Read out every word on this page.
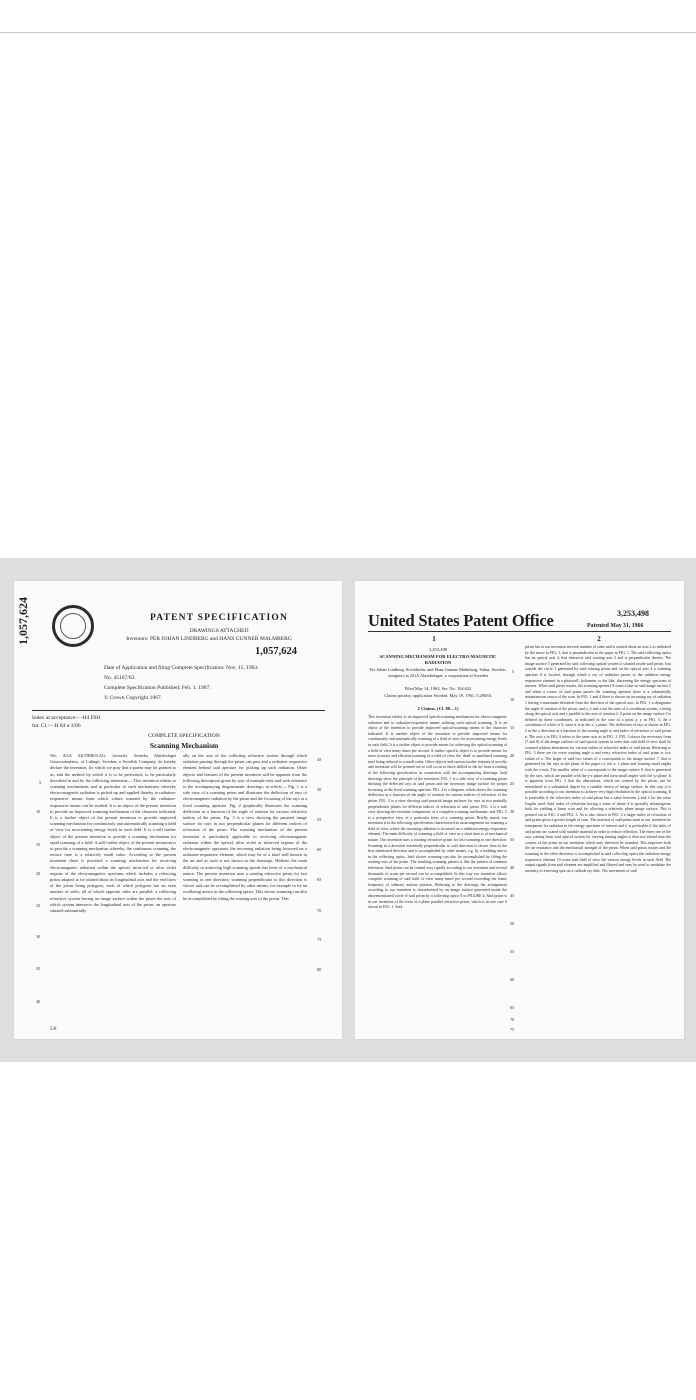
PATENT SPECIFICATION
DRAWINGS ATTACHED
Inventors: PER JOHAN LINDBERG and HANS GUNNER MALMBERG
1,057,624
1,057,624
Date of Application and filing Complete Specification: Nov. 15, 1963.
No. 45167/63.
Complete Specification Published: Feb. 1, 1967.
© Crown Copyright 1967.
Index at acceptance:—H4 F6H
Int. Cl.:—H 04 n 3/06
COMPLETE SPECIFICATION
Scanning Mechanism
We, AGA AKTIEBOLAG, formerly Svenska Aktiebolaget Gasaccumulator, of Lidingö, Sweden, a Swedish Company, do hereby declare the invention, for which we pray that a patent may be granted to us, and the method by which it is to be performed, to be particularly described in and by the following statement:— This invention relates to scanning mechanisms and in particular to such mechanisms whereby electro-magnetic radiation is picked-up and applied thereby to radiation-responsive means from which values scanned by the radiation-responsive means can be studied. It is an object of the present invention to provide an improved scanning mechanism of the character indicated. It is a further object of the present invention to provide improved scanning mechanism for continuously and automatically scanning a field of view for ascertaining energy levels in such field. It is a still further object of the present invention to provide a scanning mechanism for rapid scanning of a field. A still further object of the present invention is to provide a scanning mechanism whereby, the continuous scanning, the retrace time is a relatively small value. According to the present invention there is provided a scanning mechanism for receiving electromagnetic radiation within the optical, infra-red or ultra violet regions of the electromagnetic spectrum which includes a refracting prism adapted to be rotated about its longitudinal axis and the end faces of the prism being polygons, each of which polygons has an even number of sides, all of which opposite sides are parallel; a collecting refractive system having an image surface within the prism the axis of which system intersects the longitudinal axis of the prism; an aperture situated substantially.
ally on the axis of the collecting refractive system through which radiation passing through the prism can pass and a radiation responsive element behind said aperture for picking up such radiation. Other objects and features of the present invention will be apparent from the following description given by way of example only and with reference to the accompanying diagrammatic drawings, in which:— Fig. 1 is a side view of a scanning prism and illustrates the deflection of rays of electromagnetic radiation by the prism and the focussing of the rays at a fixed scanning aperture. Fig. 2 graphically illustrates the scanning deflection as a function of the angle of rotation for various refractive indices of the prism. Fig. 3 is a view showing the paraxial image surface for rays in two perpendicular planes for different indices of refraction of the prism. The scanning mechanism of the present invention is particularly applicable to receiving electromagnetic radiation within the optical, ultra violet or infra-red regions of the electromagnetic spectrum, the incoming radiation being focussed on a radiation-responsive element, which may be of a kind well known in the art and as such is not shown in the drawings. Hitherto the main difficulty in achieving high scanning speeds has been of a mechanical nature. The present invention uses a rotating refractive prism for fast scanning in one direction; scanning perpendicular to this direction is slower and can be accomplished by other means, for example or by an oscillating mirror in the collecting optics. This slower scanning can also be accomplished by tilting the rotating axis of the prism. This
5
10
15
20
25
30
35
40
45
50
55
60
65
70
75
80
5/6
United States Patent Office	3,253,498
Patented May 31, 1966
1	2
3,253,498
SCANNING MECHANISM FOR ELECTRO-MAGNETIC RADIATION
Per Johan Lindberg, Stockholm, and Hans Gunnar Malmberg, Solna, Sweden, assignors to AGA Aktiebolaget, a corporation of Sweden
Filed May 14, 1962, Ser. No. 194,622
Claims priority, application Sweden, May 19, 1961, 5,290/61
2 Claims. (Cl. 88—1)
This invention relates to an improved optical-scanning mechanism for electro-magnetic radiation and to radiation-responsive means utilizing such optical scanning. It is an object of the invention to provide improved optical-scanning means of the character indicated. It is another object of the invention to provide improved means for continuously and automatically scanning of a field of view for ascertaining energy levels in such field. It is a further object to provide means for achieving the optical-scanning of a field of view many times per second. A further specific object is to provide means for more accurate and efficient scanning of a field of view, the 'dead' or unutilized scanning time being reduced to a small value. Other objects and various further features of novelty and invention will be pointed out or will occur to those skilled in the art from a reading of the following specification, in connection with the accompanying drawings. Said drawings show the principle of the invention. FIG. 1 is a side view of a scanning prism showing the deflected rays in said prism and the necessary image surface for proper focussing at the fixed scanning aperture. FIG. 2 is a diagram, which shows the scanning deflection as a function of the angle of rotation for various indices of refraction of the prism. FIG. 3 is a view showing said paraxial image surfaces for rays in two mutually perpendicular planes for different indices of refraction of said prism. FIG. 4 is a side view showing the essential components of a complete scanning mechanism; and FIG. 5 is a perspective view of a particular form of a scanning prism. Briefly stated, our invention is in the following specification characterized as an arrangement for scanning a field of view, where the incoming radiation is focussed on a radiation-energy responsive element. The main difficulty of scanning a field of view in a short time is of mechanical nature. Our invention uses a rotating refractive prism for fast scanning in one direction. Scanning in a direction essentially perpendicular to said direction is slower than in the first mentioned direction and is accomplished by other means, e.g. by a nodding mirror in the collecting optics. Said slower scanning can also be accomplished by tilting the rotating axis of the prism. The resulting scanning pattern is like the pattern of common television. Said prism can be rotated very rapidly according to our invention and several thousands of scans per second can be accomplished. In this way our invention allows complete scanning of said field of view many times per second exceeding the frame frequency of ordinary motion pictures. Referring to the drawings the arrangement according to our invention is characterized by an image surface generated inside the abovementioned circle of said prism by a collecting optics 9 in FIGURE 4. Said prism is in our invention of the form of a plane parallel refractive prism, which is in one case 6 shown in FIG. 1. Said
prism has in our invention an even number of sides and is rotated about an axis 2 as indicated by the arrow in FIG. 1, that is perpendicular to the paper in FIG. 1. The said collecting optics has an optical axis 4, that intersects said rotating axis 2 and is perpendicular thereto. The image surface 5 generated by said collecting optical system is situated inside said prism. Just outside the circle 3 generated by said rotating prism and on the optical axis 4 a scanning aperture 8 is located, through which a ray of radiation passes to the radiation energy responsive element in a photocell, bolometer or the like, discerning the energy spectrum of interest. When said prism rotates, the scanning aperture 8 scans a line on said image surface 5 and when a corner of said prism passes the scanning aperture there is a substantially instantaneous return of the scan. In FIG. 1 and 4 there is shown an incoming ray of radiation 1 having a maximum deviation from the direction of the optical axis. In FIG. 1 α designates the angle of rotation of the prism, and x, y and z are the axes of a coordinate system, z being along the optical axis and y parallel to the axis of rotation 2. A point on the image surface 5 is defined by these coordinates, as indicated in the case of a point a, y in FIG. 3, the z coordinate of which is 0, since it is in the x, y plane. The deflection of rays is shown in FIG. 2 in the x direction as a function of the turning angle α, and index of refraction of said prism n. The axis y in FIG. 3 refers to the same axis as in FIG. 1. FIG. 3 shows the necessary form (7 and 8) of the image surfaces of said optical system in order that said field of view shall be scanned without aberrations for various values of refractive index of said prism. Referring to FIG. 3 there are for every rotating angle α and every refractive index of said prism n, two values of z. The larger of said two values of z corresponds to the image surface 7, that is generated by the rays in the plane of the paper i.e. the x, z plane and forming small angles with the z-axis. The smaller value of z corresponds to the image surface 8, that is generated by the rays, which are parallel with the y-z plane and form small angles with the yz plane. It is apparent from FIG. 3 that the aberrations, which are created by the prism, can be neutralized to a substantial degree by a suitable choice of image surface. In this way it is possible according to our invention to achieve very high resolution in the optical scanning. It is preferable if the refractive index of said prism has a value between 2 and 4 for the wave lengths used. Said index of refraction having a value of about 4 is specially advantageous both for yielding a linear scan and for allowing a relatively plane image surface. This is pointed out in FIG. 2 and FIG. 3. As is also shown in FIG. 2 a larger index of refraction of said prism gives a greater length of scan. The material of said prism must in our invention be transparent for radiation in the energy spectrum of interest and it is preferable if the sides of said prism are coated with suitable material in order to reduce reflection. The entry one of the rays coming from said optical system for varying turning angles α does not extend near the corners of the prism in our invention which may therefore be rounded. This improves both the air resistance and the mechanical strength of the prism. When said prism rotates and the scanning in the other direction is accomplished in said collecting optics the radiation-energy responsive element 10 scans said field of view the various energy levels in such field. The output signals from said element are amplified and filtered and may be used to modulate the intensity of a moving spot on a cathode ray tube. The movement of said
5
10
15
20
25
30
35
40
45
50
55
60
65
70
75
